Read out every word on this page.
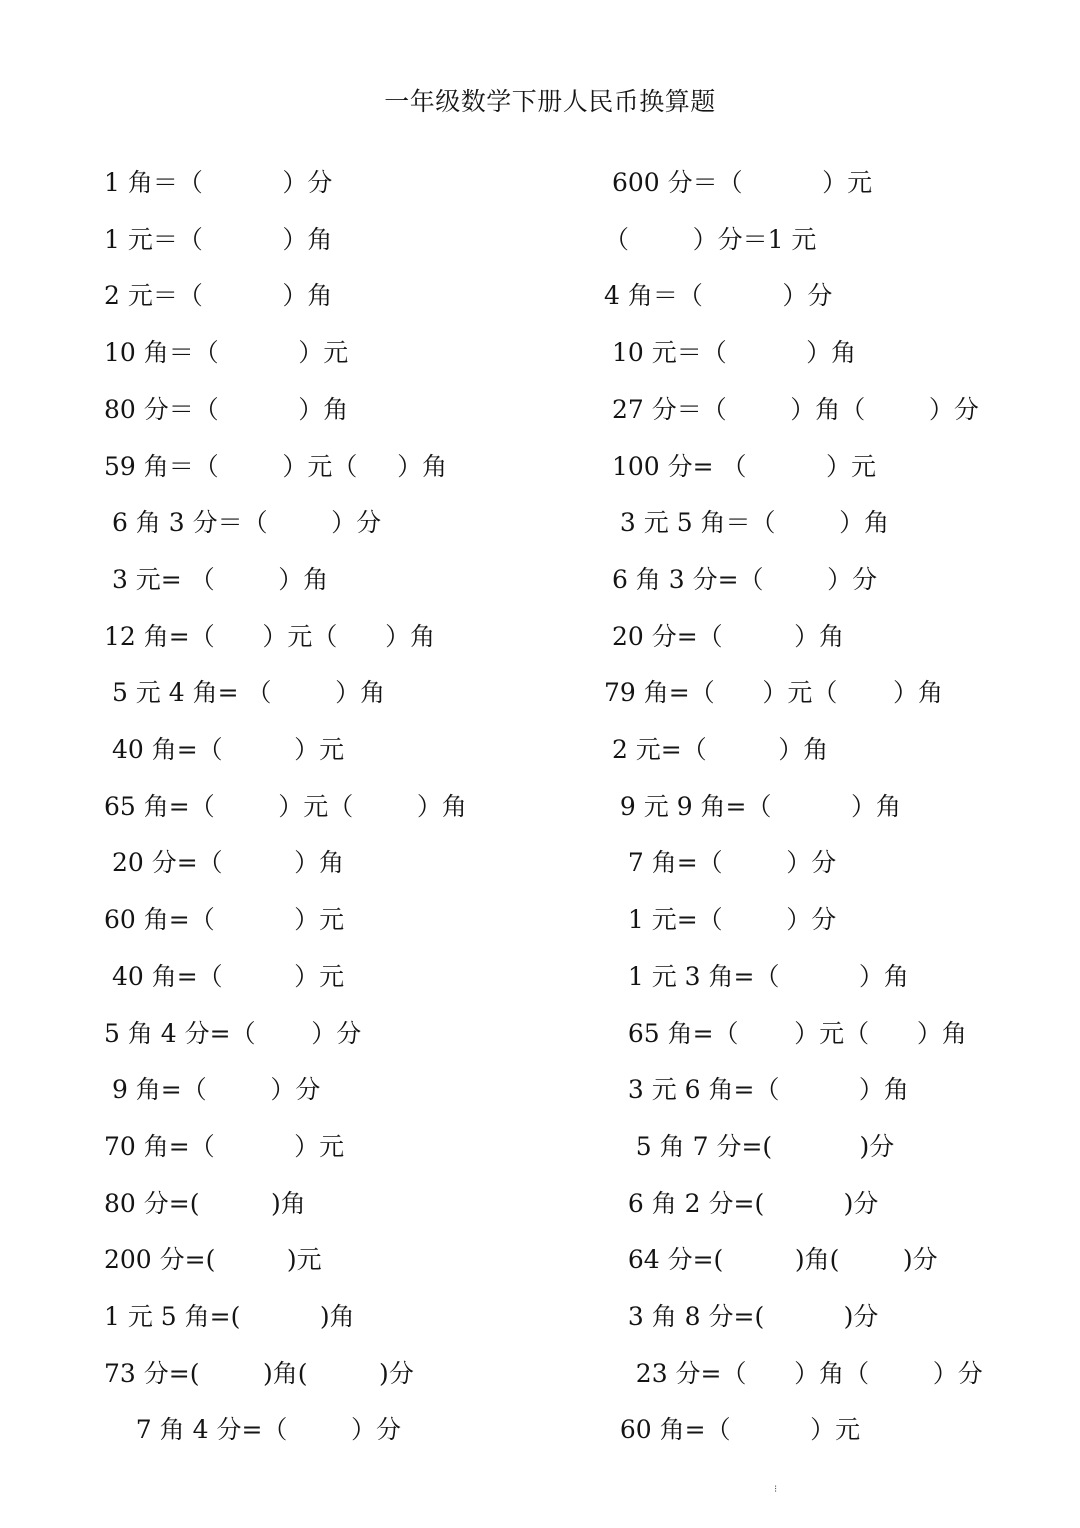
一年级数学下册人民币换算题
1 角＝（          ）分
1 元＝（          ）角
2 元＝（          ）角
10 角＝（          ）元
80 分＝（          ）角
59 角＝（        ）元（     ）角
6 角 3 分＝（        ）分
3 元= （        ）角
12 角=（      ）元（      ）角
5 元 4 角= （        ）角
40 角=（         ）元
65 角=（        ）元（        ）角
20 分=（         ）角
60 角=（          ）元
40 角=（         ）元
5 角 4 分=（       ）分
9 角=（        ）分
70 角=（          ）元
80 分=(         )角
200 分=(         )元
1 元 5 角=(          )角
73 分=(        )角(         )分
7 角 4 分=（        ）分
600 分＝（          ）元
（        ）分＝1 元
4 角＝（          ）分
10 元＝（          ）角
27 分＝（        ）角（        ）分
100 分= （          ）元
3 元 5 角＝（        ）角
6 角 3 分=（        ）分
20 分=（         ）角
79 角=（      ）元（       ）角
2 元=（         ）角
9 元 9 角=（          ）角
7 角=（        ）分
1 元=（        ）分
1 元 3 角=（          ）角
65 角=（       ）元（      ）角
3 元 6 角=（          ）角
5 角 7 分=(           )分
6 角 2 分=(          )分
64 分=(         )角(        )分
3 角 8 分=(          )分
23 分=（      ）角（        ）分
60 角=（          ）元
⁝
